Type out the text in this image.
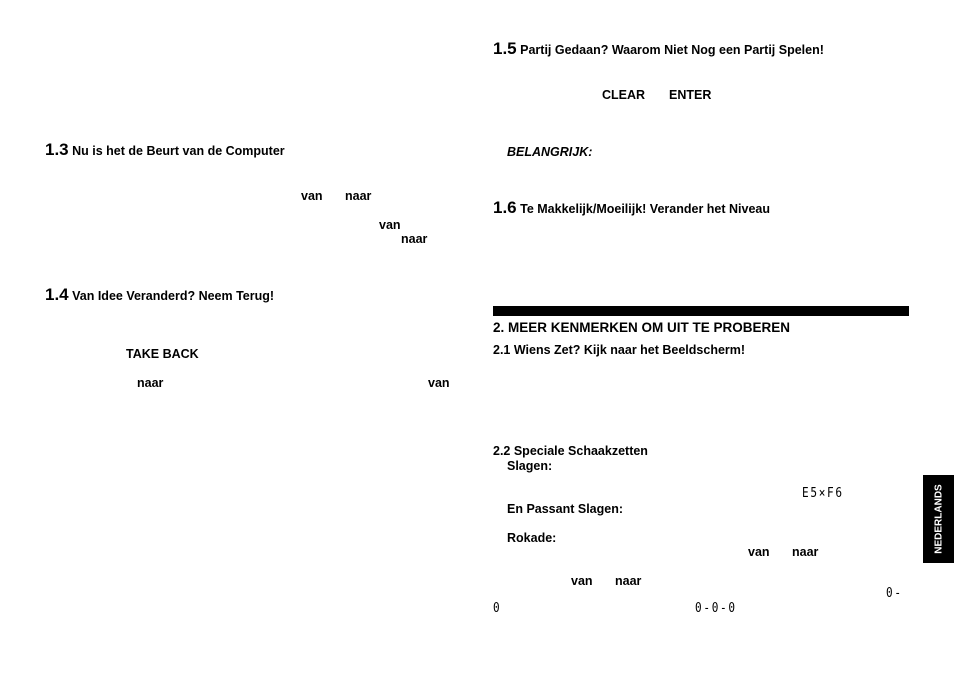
1.3 Nu is het de Beurt van de Computer
van naar
van
naar
1.4 Van Idee Veranderd? Neem Terug!
TAKE BACK
naar	van
1.5 Partij Gedaan? Waarom Niet Nog een Partij Spelen!
CLEAR ENTER
BELANGRIJK:
1.6 Te Makkelijk/Moeilijk! Verander het Niveau
2. MEER KENMERKEN OM UIT TE PROBEREN
2.1 Wiens Zet? Kijk naar het Beeldscherm!
2.2 Speciale Schaakzetten
Slagen:
E5×F6
En Passant Slagen:
Rokade:
van naar
van naar
0-
0	0-0-0
NEDERLANDS
